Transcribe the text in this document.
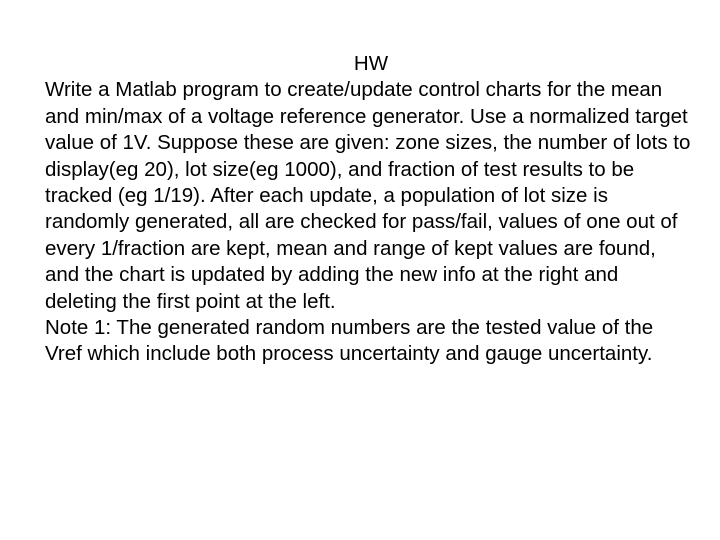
HW

Write a Matlab program to create/update control charts for the mean and min/max of a voltage reference generator. Use a normalized target value of 1V. Suppose these are given: zone sizes, the number of lots to display(eg 20), lot size(eg 1000), and fraction of test results to be tracked (eg 1/19). After each update, a population of lot size is randomly generated, all are checked for pass/fail, values of one out of every 1/fraction are kept, mean and range of kept values are found, and the chart is updated by adding the new info at the right and deleting the first point at the left.

Note 1: The generated random numbers are the tested value of the Vref which include both process uncertainty and gauge uncertainty.
